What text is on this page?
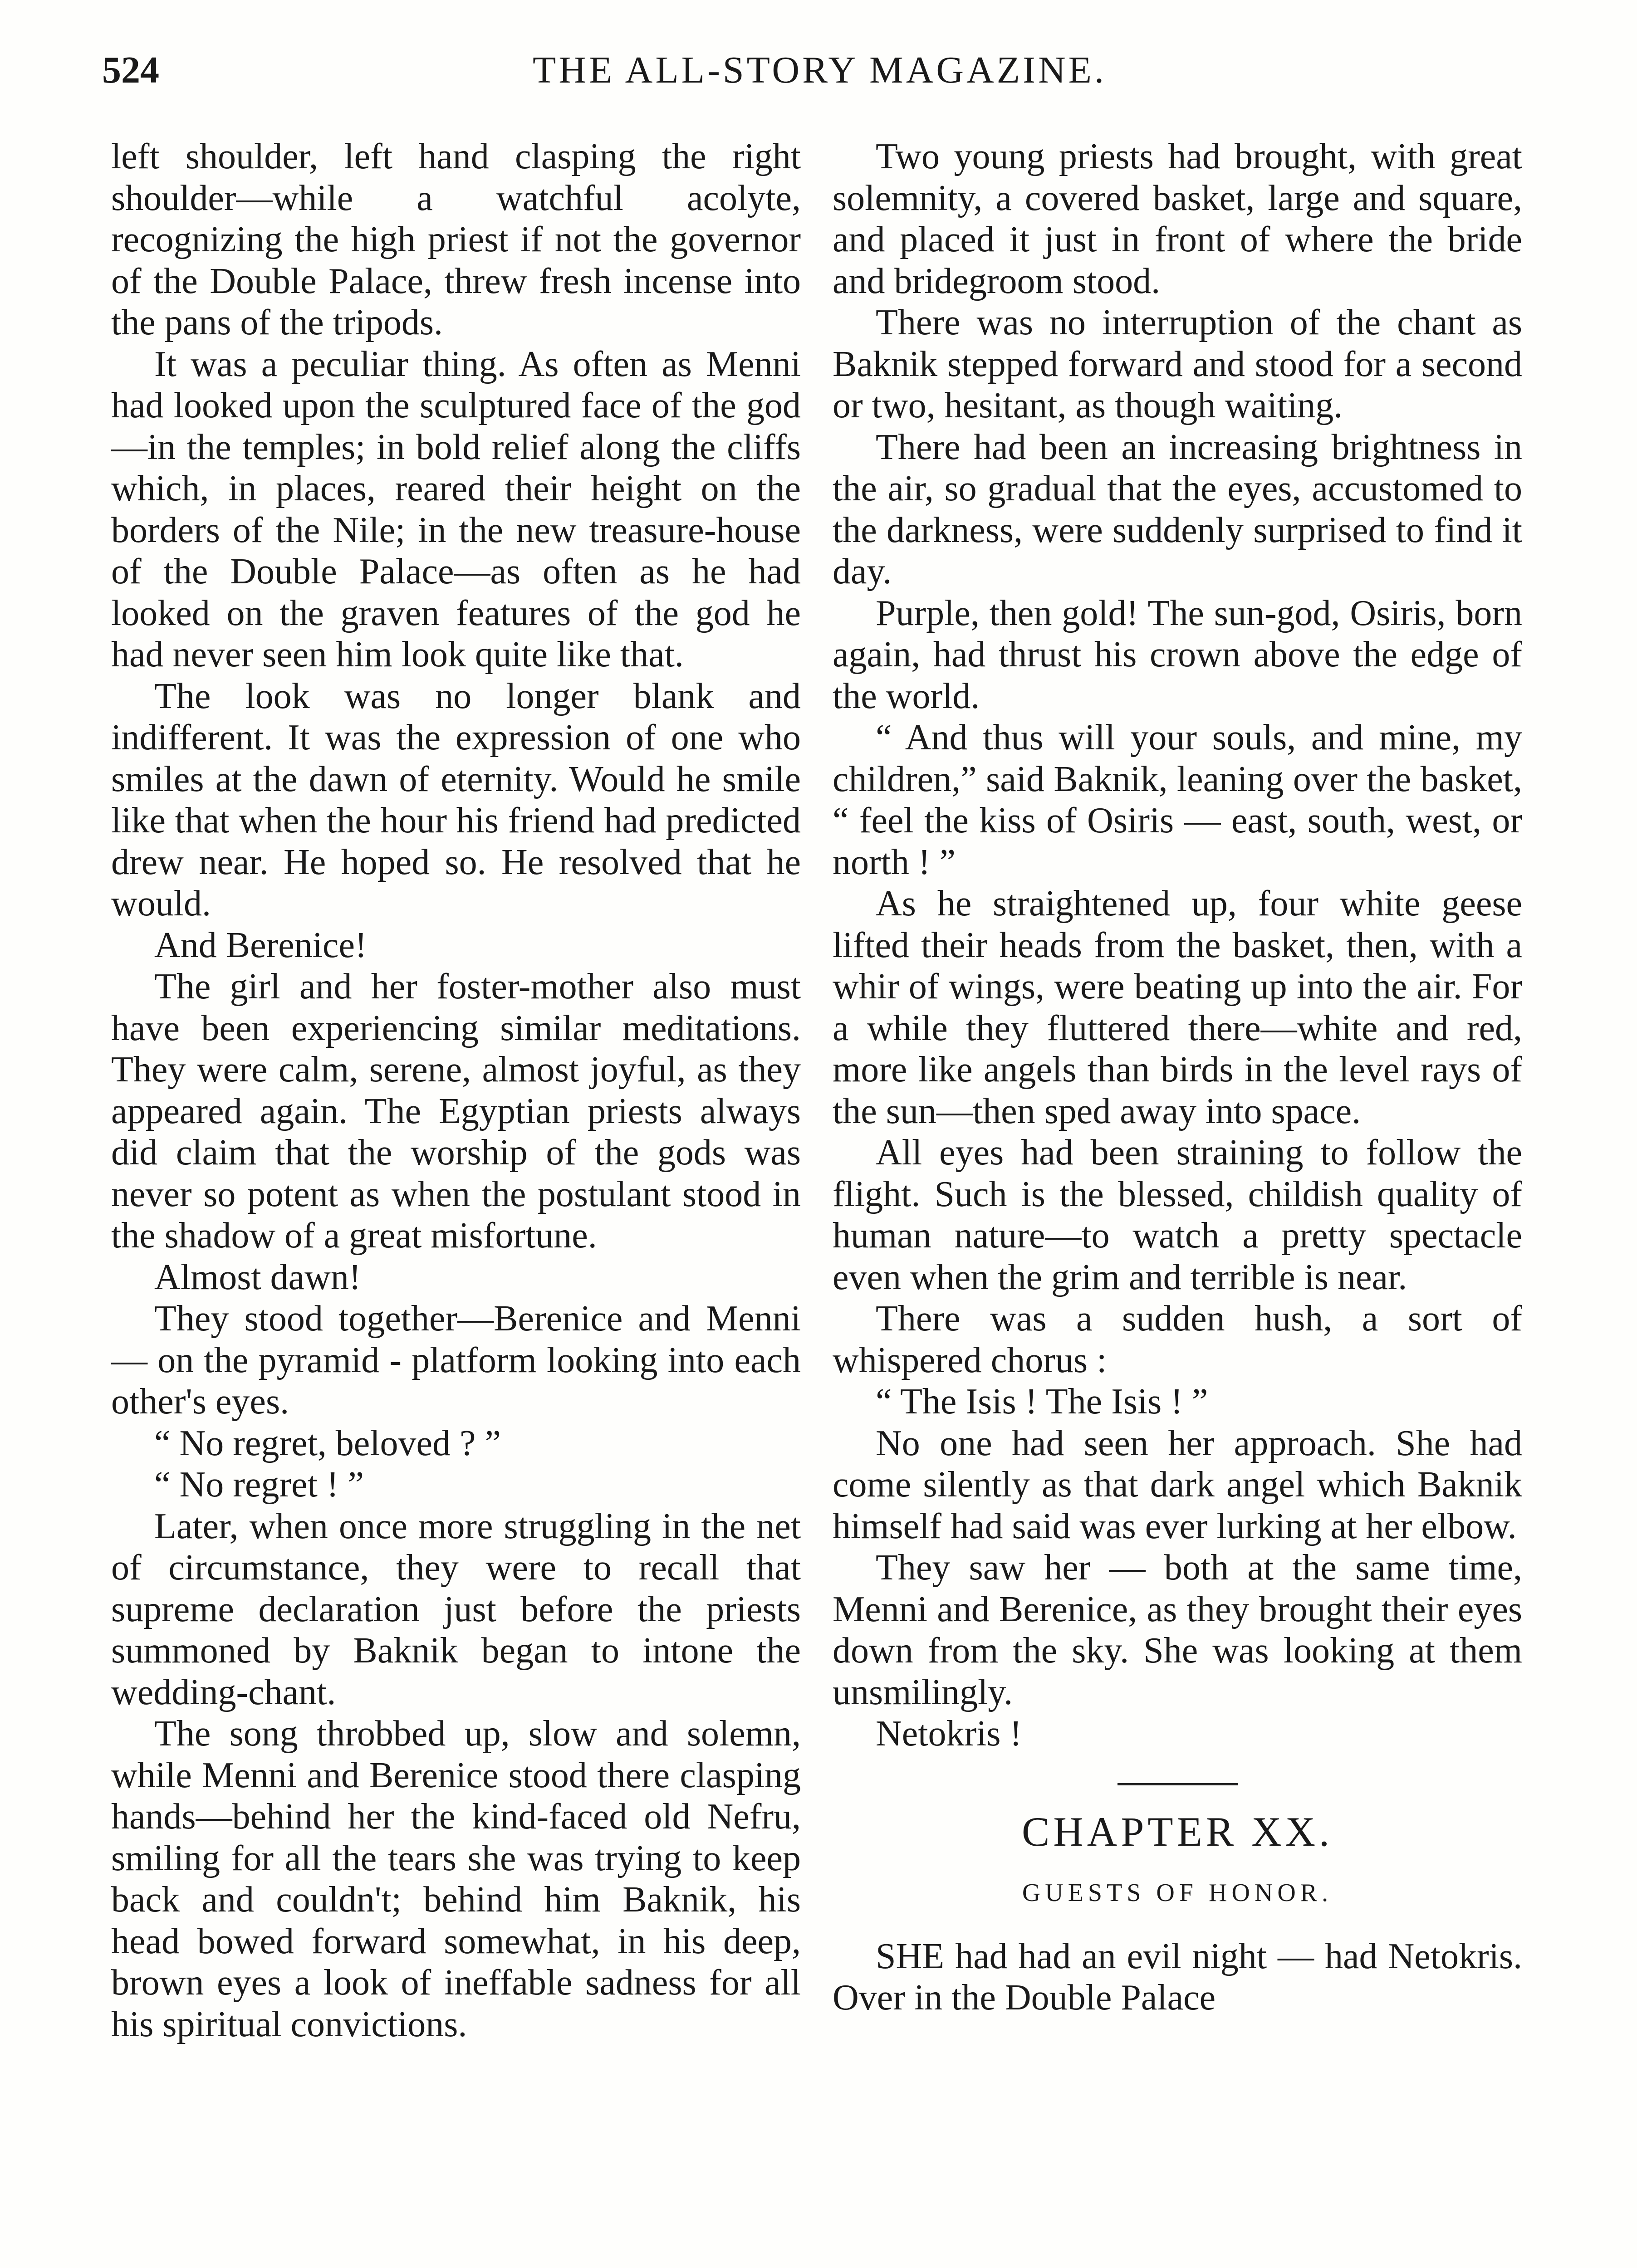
524	THE ALL-STORY MAGAZINE.

left shoulder, left hand clasping the right shoulder—while a watchful acolyte, recognizing the high priest if not the governor of the Double Palace, threw fresh incense into the pans of the tripods.

It was a peculiar thing. As often as Menni had looked upon the sculptured face of the god—in the temples; in bold relief along the cliffs which, in places, reared their height on the borders of the Nile; in the new treasure-house of the Double Palace—as often as he had looked on the graven features of the god he had never seen him look quite like that.

The look was no longer blank and indifferent. It was the expression of one who smiles at the dawn of eternity. Would he smile like that when the hour his friend had predicted drew near. He hoped so. He resolved that he would.

And Berenice!

The girl and her foster-mother also must have been experiencing similar meditations. They were calm, serene, almost joyful, as they appeared again. The Egyptian priests always did claim that the worship of the gods was never so potent as when the postulant stood in the shadow of a great misfortune.

Almost dawn!

They stood together—Berenice and Menni — on the pyramid - platform looking into each other's eyes.

“ No regret, beloved ? ”

“ No regret ! ”

Later, when once more struggling in the net of circumstance, they were to recall that supreme declaration just before the priests summoned by Baknik began to intone the wedding-chant.

The song throbbed up, slow and solemn, while Menni and Berenice stood there clasping hands—behind her the kind-faced old Nefru, smiling for all the tears she was trying to keep back and couldn't; behind him Baknik, his head bowed forward somewhat, in his deep, brown eyes a look of ineffable sadness for all his spiritual convictions.

Two young priests had brought, with great solemnity, a covered basket, large and square, and placed it just in front of where the bride and bridegroom stood.

There was no interruption of the chant as Baknik stepped forward and stood for a second or two, hesitant, as though waiting.

There had been an increasing brightness in the air, so gradual that the eyes, accustomed to the darkness, were suddenly surprised to find it day.

Purple, then gold! The sun-god, Osiris, born again, had thrust his crown above the edge of the world.

“ And thus will your souls, and mine, my children,” said Baknik, leaning over the basket, “ feel the kiss of Osiris — east, south, west, or north ! ”

As he straightened up, four white geese lifted their heads from the basket, then, with a whir of wings, were beating up into the air. For a while they fluttered there—white and red, more like angels than birds in the level rays of the sun—then sped away into space.

All eyes had been straining to follow the flight. Such is the blessed, childish quality of human nature—to watch a pretty spectacle even when the grim and terrible is near.

There was a sudden hush, a sort of whispered chorus :

“ The Isis ! The Isis ! ”

No one had seen her approach. She had come silently as that dark angel which Baknik himself had said was ever lurking at her elbow.

They saw her — both at the same time, Menni and Berenice, as they brought their eyes down from the sky. She was looking at them unsmilingly.

Netokris !

CHAPTER XX.
GUESTS OF HONOR.

SHE had had an evil night — had Netokris. Over in the Double Palace
